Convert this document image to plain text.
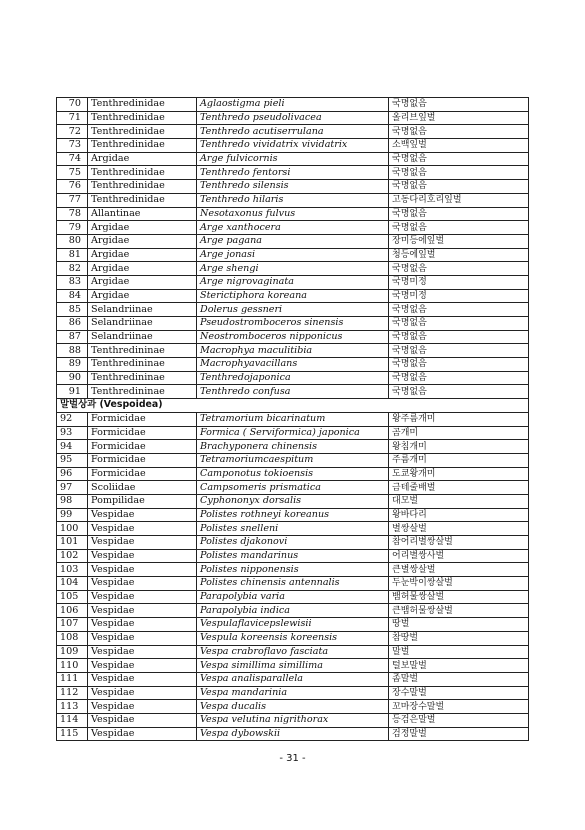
70	Tenthredinidae	Aglaostigma pieli	국명없음
71	Tenthredinidae	Tenthredo pseudolivacea	올리브잎벌
72	Tenthredinidae	Tenthredo acutiserrulana	국명없음
73	Tenthredinidae	Tenthredo vividatrix vividatrix	소백잎벌
74	Argidae	Arge fulvicornis	국명없음
75	Tenthredinidae	Tenthredo fentorsi	국명없음
76	Tenthredinidae	Tenthredo silensis	국명없음
77	Tenthredinidae	Tenthredo hilaris	고동다리호리잎벌
78	Allantinae	Nesotaxonus fulvus	국명없음
79	Argidae	Arge xanthocera	국명없음
80	Argidae	Arge pagana	장미등에잎벌
81	Argidae	Arge jonasi	청등에잎벌
82	Argidae	Arge shengi	국명없음
83	Argidae	Arge nigrovaginata	국명미정
84	Argidae	Sterictiphora koreana	국명미정
85	Selandriinae	Dolerus gessneri	국명없음
86	Selandriinae	Pseudostromboceros sinensis	국명없음
87	Selandriinae	Neostromboceros nipponicus	국명없음
88	Tenthredininae	Macrophya maculitibia	국명없음
89	Tenthredininae	Macrophyavacillans	국명없음
90	Tenthredininae	Tenthredojaponica	국명없음
91	Tenthredininae	Tenthredo confusa	국명없음
말벌상과 (Vespoidea)			
92	Formicidae	Tetramorium bicarinatum	왕주름개미
93	Formicidae	Formica ( Serviformica) japonica	곰개미
94	Formicidae	Brachyponera chinensis	왕침개미
95	Formicidae	Tetramoriumcaespitum	주름개미
96	Formicidae	Camponotus tokioensis	도쿄왕개미
97	Scoliidae	Campsomeris prismatica	금테줄배벌
98	Pompilidae	Cyphononyx dorsalis	대모벌
99	Vespidae	Polistes rothneyi koreanus	왕바다리
100	Vespidae	Polistes snelleni	별쌍살벌
101	Vespidae	Polistes djakonovi	참어리별쌍살벌
102	Vespidae	Polistes mandarinus	어리별쌍사벌
103	Vespidae	Polistes nipponensis	큰별쌍살벌
104	Vespidae	Polistes chinensis antennalis	두눈박이쌍살벌
105	Vespidae	Parapolybia varia	뱀허물쌍살벌
106	Vespidae	Parapolybia indica	큰뱀허물쌍살벌
107	Vespidae	Vespulaflavicepslewisii	땅벌
108	Vespidae	Vespula koreensis koreensis	참땅벌
109	Vespidae	Vespa crabroflavo fasciata	말벌
110	Vespidae	Vespa simillima simillima	털보말벌
111	Vespidae	Vespa analisparallela	좀말벌
112	Vespidae	Vespa mandarinia	장수말벌
113	Vespidae	Vespa ducalis	꼬마장수말벌
114	Vespidae	Vespa velutina nigrithorax	등검은말벌
115	Vespidae	Vespa dybowskii	검정말벌
- 31 -
